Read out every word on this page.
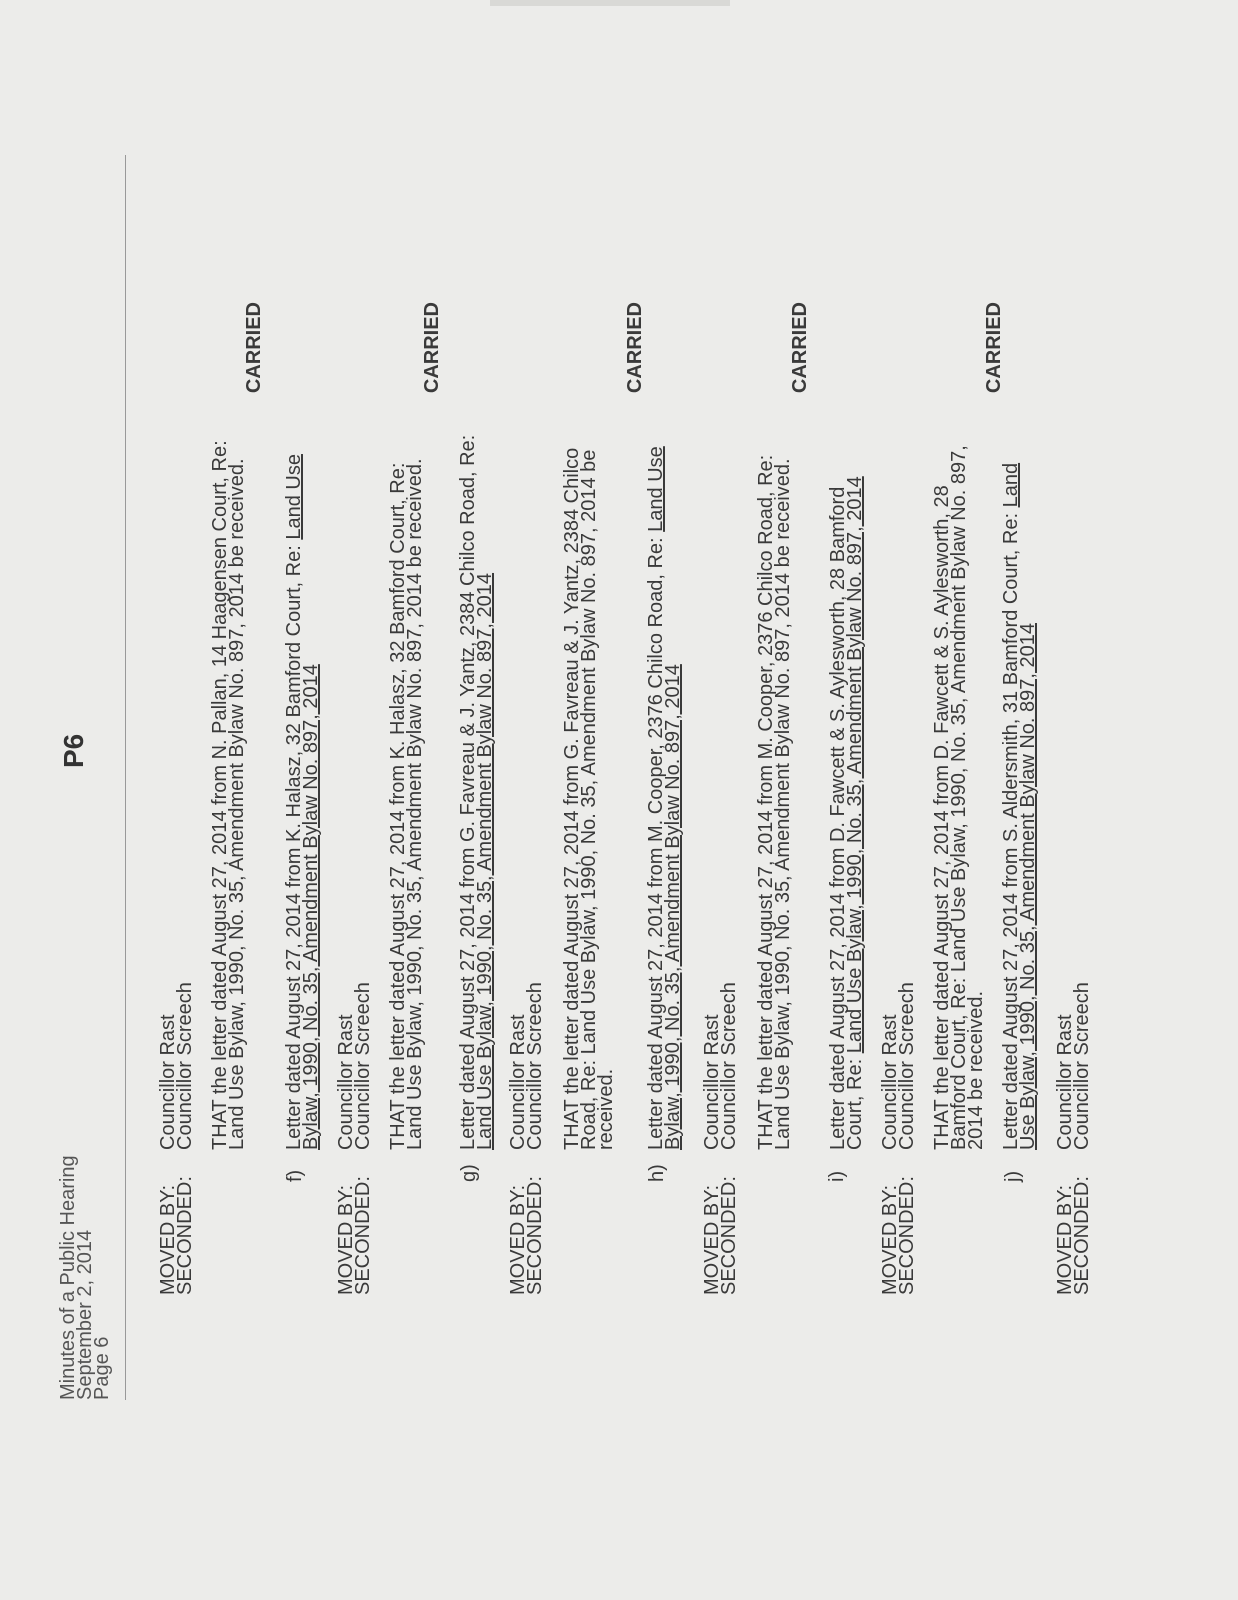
Minutes of a Public Hearing
September 2, 2014
Page 6
P6
MOVED BY:
SECONDED:
Councillor Rast
Councillor Screech THAT the letter dated August 27, 2014 from N. Pallan, 14 Haagensen Court, Re:
Land Use Bylaw, 1990, No. 35, Amendment Bylaw No. 897, 2014 be received.
CARRIED
f)
Letter dated August 27, 2014 from K. Halasz, 32 Bamford Court, Re: Land Use
Bylaw, 1990, No. 35, Amendment Bylaw No. 897, 2014
MOVED BY:
SECONDED:
Councillor Rast
Councillor Screech THAT the letter dated August 27, 2014 from K. Halasz, 32 Bamford Court, Re:
Land Use Bylaw, 1990, No. 35, Amendment Bylaw No. 897, 2014 be received.
CARRIED
g)
Letter dated August 27, 2014 from G. Favreau & J. Yantz, 2384 Chilco Road, Re:
Land Use Bylaw, 1990, No. 35, Amendment Bylaw No. 897, 2014
MOVED BY:
SECONDED:
Councillor Rast
Councillor Screech THAT the letter dated August 27, 2014 from G. Favreau & J. Yantz, 2384 Chilco
Road, Re: Land Use Bylaw, 1990, No. 35, Amendment Bylaw No. 897, 2014 be
received.
CARRIED
h)
Letter dated August 27, 2014 from M. Cooper, 2376 Chilco Road, Re: Land Use
Bylaw, 1990, No. 35, Amendment Bylaw No. 897, 2014
MOVED BY:
SECONDED:
Councillor Rast
Councillor Screech THAT the letter dated August 27, 2014 from M. Cooper, 2376 Chilco Road, Re:
Land Use Bylaw, 1990, No. 35, Amendment Bylaw No. 897, 2014 be received.
CARRIED
i)
Letter dated August 27, 2014 from D. Fawcett & S. Aylesworth, 28 Bamford
Court, Re: Land Use Bylaw, 1990, No. 35, Amendment Bylaw No. 897, 2014
MOVED BY:
SECONDED:
Councillor Rast
Councillor Screech THAT the letter dated August 27, 2014 from D. Fawcett & S. Aylesworth, 28
Bamford Court, Re: Land Use Bylaw, 1990, No. 35, Amendment Bylaw No. 897,
2014 be received.
CARRIED
j)
Letter dated August 27, 2014 from S. Aldersmith, 31 Bamford Court, Re: Land
Use Bylaw, 1990, No. 35, Amendment Bylaw No. 897, 2014
MOVED BY:
SECONDED:
Councillor Rast
Councillor Screech
